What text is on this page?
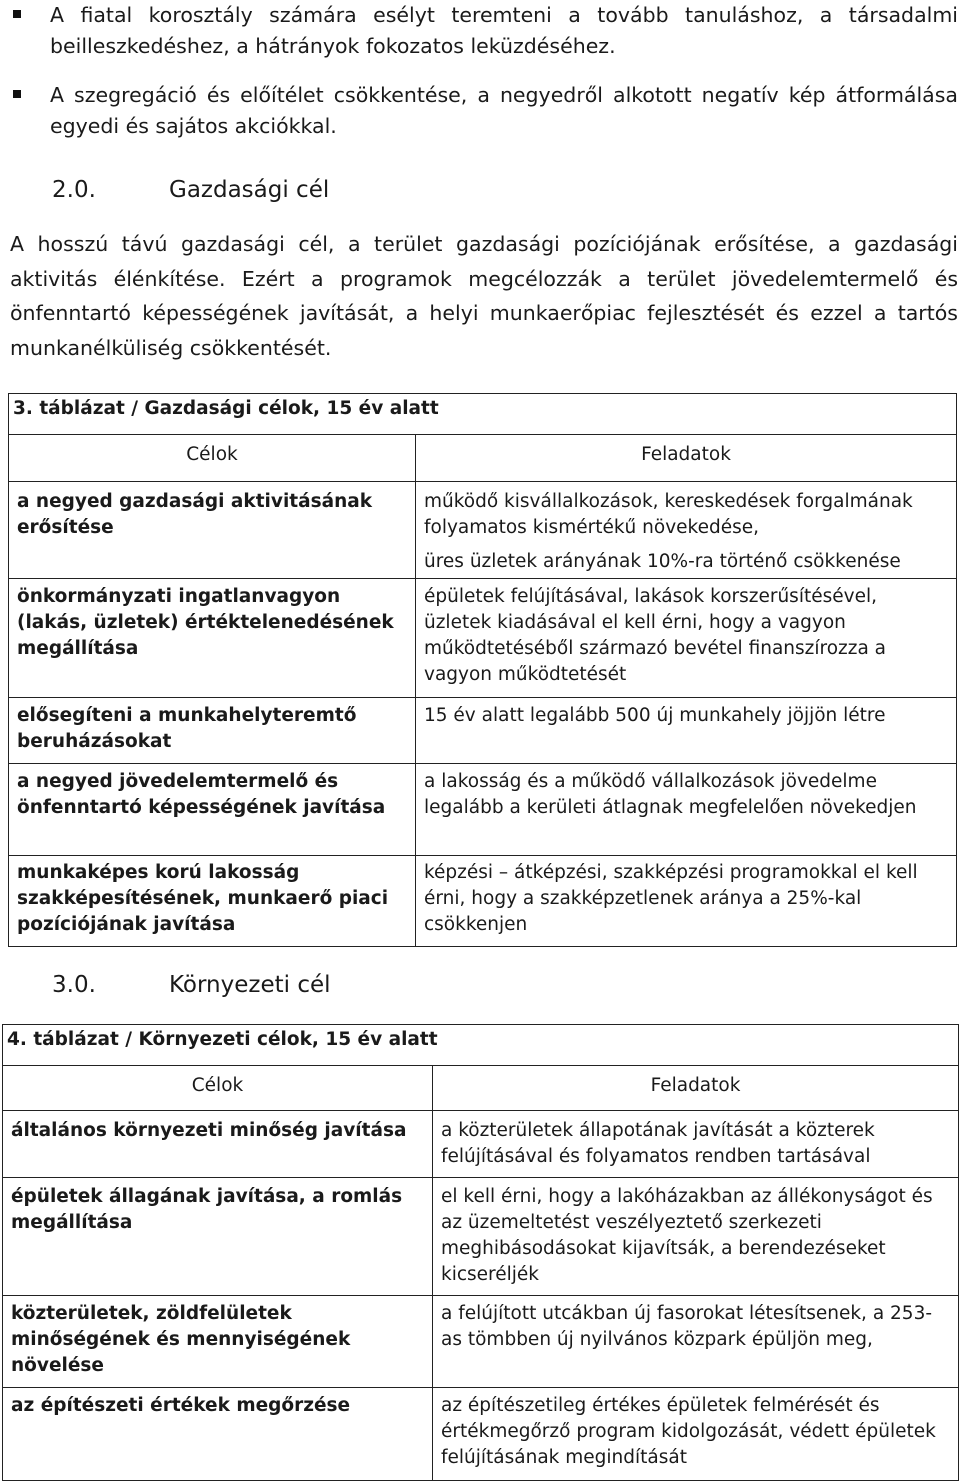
A fiatal korosztály számára esélyt teremteni a tovább tanuláshoz, a társadalmi beilleszkedéshez, a hátrányok fokozatos leküzdéséhez.
A szegregáció és előítélet csökkentése, a negyedről alkotott negatív kép átformálása egyedi és sajátos akciókkal.
2.0.	Gazdasági cél
A hosszú távú gazdasági cél, a terület gazdasági pozíciójának erősítése, a gazdasági aktivitás élénkítése. Ezért a programok megcélozzák a terület jövedelemtermelő és önfenntartó képességének javítását, a helyi munkaerőpiac fejlesztését és ezzel a tartós munkanélküliség csökkentését.
3. táblázat / Gazdasági célok, 15 év alatt	
Célok	Feladatok
a negyed gazdasági aktivitásának erősítése	működő kisvállalkozások, kereskedések forgalmának folyamatos kismértékű növekedése,
üres üzletek arányának 10%-ra történő csökkenése

önkormányzati ingatlanvagyon (lakás, üzletek) értéktelenedésének megállítása	épületek felújításával, lakások korszerűsítésével, üzletek kiadásával el kell érni, hogy a vagyon működtetéséből származó bevétel finanszírozza a vagyon működtetését

elősegíteni a munkahelyteremtő beruházásokat	15 év alatt legalább 500 új munkahely jöjjön létre

a negyed jövedelemtermelő és önfenntartó képességének javítása	a lakosság és a működő vállalkozások jövedelme legalább a kerületi átlagnak megfelelően növekedjen

munkaképes korú lakosság szakképesítésének, munkaerő piaci pozíciójának javítása	képzési – átképzési, szakképzési programokkal el kell érni, hogy a szakképzetlenek aránya a 25%-kal csökkenjen
3.0.	Környezeti cél
4. táblázat / Környezeti célok, 15 év alatt	
Célok	Feladatok
általános környezeti minőség javítása	a közterületek állapotának javítását a közterek felújításával és folyamatos rendben tartásával

épületek állagának javítása, a romlás megállítása	el kell érni, hogy a lakóházakban az állékonyságot és az üzemeltetést veszélyeztető szerkezeti meghibásodásokat kijavítsák, a berendezéseket kicseréljék

közterületek, zöldfelületek minőségének és mennyiségének növelése	a felújított utcákban új fasorokat létesítsenek, a 253-as tömbben új nyilvános közpark épüljön meg,

az építészeti értékek megőrzése	az építészetileg értékes épületek felmérését és értékmegőrző program kidolgozását, védett épületek felújításának megindítását
